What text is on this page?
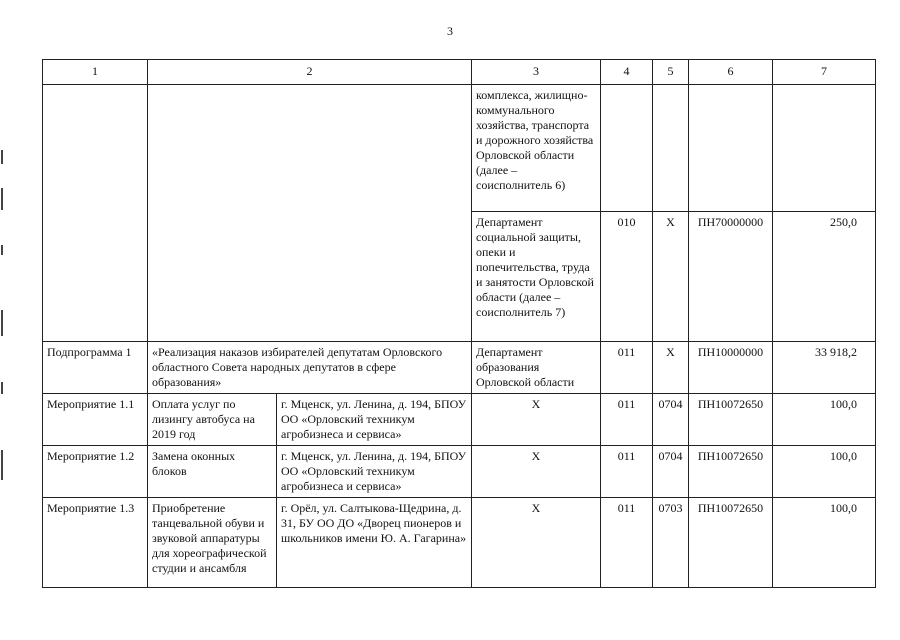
3
1	2		3	4	5	6	7
			комплекса, жилищно-коммунального хозяйства, транспорта и дорожного хозяйства Орловской области (далее – соисполнитель 6)				
			Департамент социальной защиты, опеки и попечительства, труда и занятости Орловской области (далее – соисполнитель 7)	010	Х	ПН70000000	250,0
Подпрограмма 1	«Реализация наказов избирателей депутатам Орловского областного Совета народных депутатов в сфере образования»		Департамент образования Орловской области	011	Х	ПН10000000	33 918,2
Мероприятие 1.1	Оплата услуг по лизингу автобуса на 2019 год	г. Мценск, ул. Ленина, д. 194, БПОУ ОО «Орловский техникум агробизнеса и сервиса»	Х	011	0704	ПН10072650	100,0
Мероприятие 1.2	Замена оконных блоков	г. Мценск, ул. Ленина, д. 194, БПОУ ОО «Орловский техникум агробизнеса и сервиса»	Х	011	0704	ПН10072650	100,0
Мероприятие 1.3	Приобретение танцевальной обуви и звуковой аппаратуры для хореографической студии и ансамбля	г. Орёл, ул. Салтыкова-Щедрина, д. 31, БУ ОО ДО «Дворец пионеров и школьников имени Ю. А. Гагарина»	Х	011	0703	ПН10072650	100,0
